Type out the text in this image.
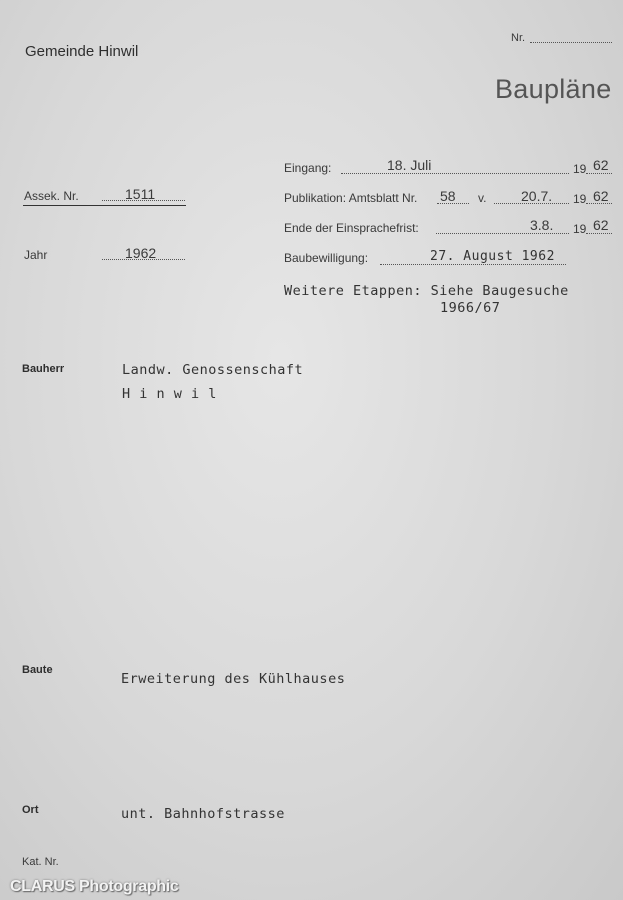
Gemeinde Hinwil
Nr.
Baupläne
Eingang:	18. Juli	19 62
Publikation: Amtsblatt Nr. 58 v. 20.7. 19 62
Ende der Einsprachefrist:	3.8. 19 62
Baubewilligung:	27. August 1962
Weitere Etappen: Siehe Baugesuche
1966/67
Assek. Nr.	1511
Jahr	1962
Bauherr	Landw. Genossenschaft
H i n w i l
Baute
Erweiterung des Kühlhauses
Ort	unt. Bahnhofstrasse
Kat. Nr.
CLARUS Photographic
